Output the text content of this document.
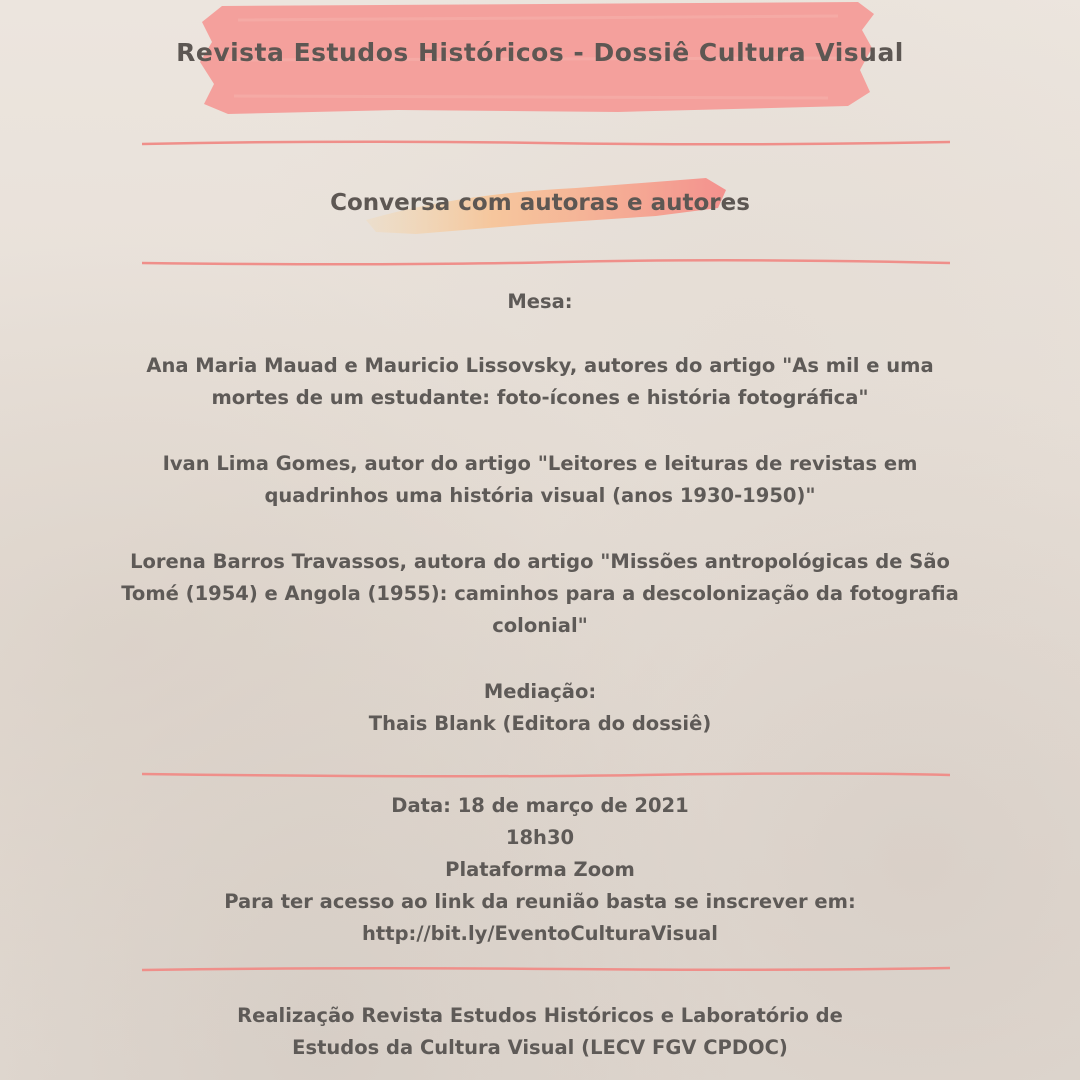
Revista Estudos Históricos - Dossiê Cultura Visual
Conversa com autoras e autores

Mesa:

Ana Maria Mauad e Mauricio Lissovsky, autores do artigo "As mil e uma

mortes de um estudante: foto-ícones e história fotográfica"

Ivan Lima Gomes, autor do artigo "Leitores e leituras de revistas em

quadrinhos uma história visual (anos 1930-1950)"

Lorena Barros Travassos, autora do artigo "Missões antropológicas de São

Tomé (1954) e Angola (1955): caminhos para a descolonização da fotografia

colonial"

Mediação:

Thais Blank (Editora do dossiê)

Data: 18 de março de 2021

18h30

Plataforma Zoom

Para ter acesso ao link da reunião basta se inscrever em:

http://bit.ly/EventoCulturaVisual

Realização Revista Estudos Históricos e Laboratório de

Estudos da Cultura Visual (LECV FGV CPDOC)
